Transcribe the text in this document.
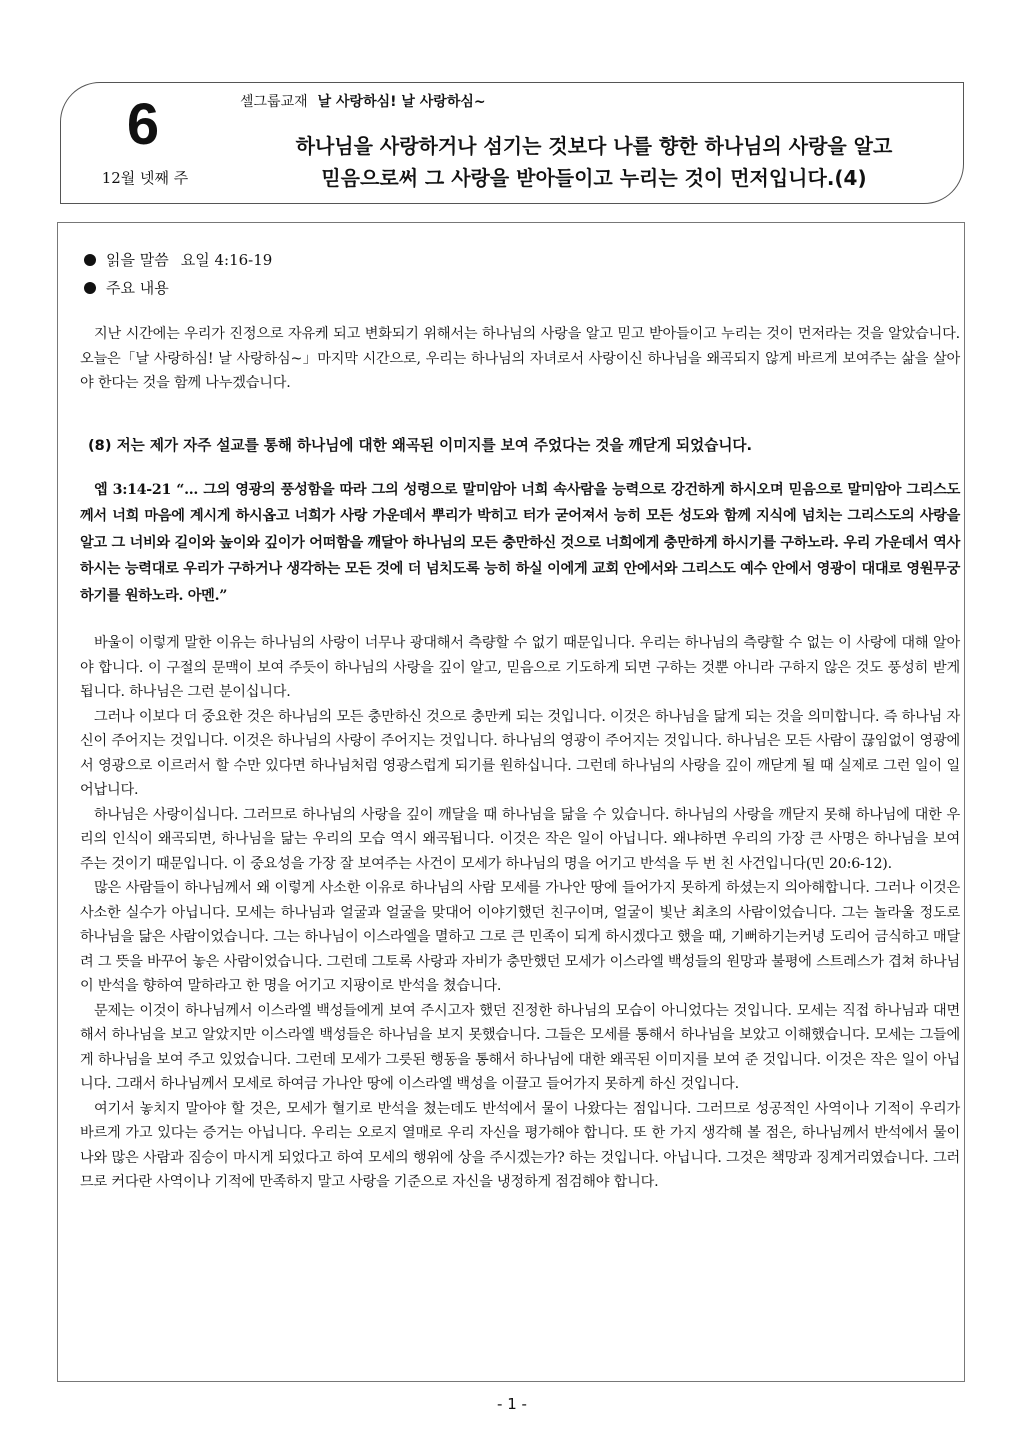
6
12월 넷째 주
셀그룹교재 날 사랑하심! 날 사랑하심~
하나님을 사랑하거나 섬기는 것보다 나를 향한 하나님의 사랑을 알고
믿음으로써 그 사랑을 받아들이고 누리는 것이 먼저입니다.(4)
읽을 말씀 요일 4:16-19
주요 내용

지난 시간에는 우리가 진정으로 자유케 되고 변화되기 위해서는 하나님의 사랑을 알고 믿고 받아들이고 누리는 것이 먼저라는 것을 알았습니다. 오늘은「날 사랑하심! 날 사랑하심~」마지막 시간으로, 우리는 하나님의 자녀로서 사랑이신 하나님을 왜곡되지 않게 바르게 보여주는 삶을 살아야 한다는 것을 함께 나누겠습니다.

(8) 저는 제가 자주 설교를 통해 하나님에 대한 왜곡된 이미지를 보여 주었다는 것을 깨닫게 되었습니다.

엡 3:14-21 “… 그의 영광의 풍성함을 따라 그의 성령으로 말미암아 너희 속사람을 능력으로 강건하게 하시오며 믿음으로 말미암아 그리스도께서 너희 마음에 계시게 하시옵고 너희가 사랑 가운데서 뿌리가 박히고 터가 굳어져서 능히 모든 성도와 함께 지식에 넘치는 그리스도의 사랑을 알고 그 너비와 길이와 높이와 깊이가 어떠함을 깨달아 하나님의 모든 충만하신 것으로 너희에게 충만하게 하시기를 구하노라. 우리 가운데서 역사하시는 능력대로 우리가 구하거나 생각하는 모든 것에 더 넘치도록 능히 하실 이에게 교회 안에서와 그리스도 예수 안에서 영광이 대대로 영원무궁하기를 원하노라. 아멘.”

바울이 이렇게 말한 이유는 하나님의 사랑이 너무나 광대해서 측량할 수 없기 때문입니다. 우리는 하나님의 측량할 수 없는 이 사랑에 대해 알아야 합니다. 이 구절의 문맥이 보여 주듯이 하나님의 사랑을 깊이 알고, 믿음으로 기도하게 되면 구하는 것뿐 아니라 구하지 않은 것도 풍성히 받게 됩니다. 하나님은 그런 분이십니다.

그러나 이보다 더 중요한 것은 하나님의 모든 충만하신 것으로 충만케 되는 것입니다. 이것은 하나님을 닮게 되는 것을 의미합니다. 즉 하나님 자신이 주어지는 것입니다. 이것은 하나님의 사랑이 주어지는 것입니다. 하나님의 영광이 주어지는 것입니다. 하나님은 모든 사람이 끊임없이 영광에서 영광으로 이르러서 할 수만 있다면 하나님처럼 영광스럽게 되기를 원하십니다. 그런데 하나님의 사랑을 깊이 깨닫게 될 때 실제로 그런 일이 일어납니다.

하나님은 사랑이십니다. 그러므로 하나님의 사랑을 깊이 깨달을 때 하나님을 닮을 수 있습니다. 하나님의 사랑을 깨닫지 못해 하나님에 대한 우리의 인식이 왜곡되면, 하나님을 닮는 우리의 모습 역시 왜곡됩니다. 이것은 작은 일이 아닙니다. 왜냐하면 우리의 가장 큰 사명은 하나님을 보여 주는 것이기 때문입니다. 이 중요성을 가장 잘 보여주는 사건이 모세가 하나님의 명을 어기고 반석을 두 번 친 사건입니다(민 20:6-12).

많은 사람들이 하나님께서 왜 이렇게 사소한 이유로 하나님의 사람 모세를 가나안 땅에 들어가지 못하게 하셨는지 의아해합니다. 그러나 이것은 사소한 실수가 아닙니다. 모세는 하나님과 얼굴과 얼굴을 맞대어 이야기했던 친구이며, 얼굴이 빛난 최초의 사람이었습니다. 그는 놀라울 정도로 하나님을 닮은 사람이었습니다. 그는 하나님이 이스라엘을 멸하고 그로 큰 민족이 되게 하시겠다고 했을 때, 기뻐하기는커녕 도리어 금식하고 매달려 그 뜻을 바꾸어 놓은 사람이었습니다. 그런데 그토록 사랑과 자비가 충만했던 모세가 이스라엘 백성들의 원망과 불평에 스트레스가 겹쳐 하나님이 반석을 향하여 말하라고 한 명을 어기고 지팡이로 반석을 쳤습니다.

문제는 이것이 하나님께서 이스라엘 백성들에게 보여 주시고자 했던 진정한 하나님의 모습이 아니었다는 것입니다. 모세는 직접 하나님과 대면해서 하나님을 보고 알았지만 이스라엘 백성들은 하나님을 보지 못했습니다. 그들은 모세를 통해서 하나님을 보았고 이해했습니다. 모세는 그들에게 하나님을 보여 주고 있었습니다. 그런데 모세가 그릇된 행동을 통해서 하나님에 대한 왜곡된 이미지를 보여 준 것입니다. 이것은 작은 일이 아닙니다. 그래서 하나님께서 모세로 하여금 가나안 땅에 이스라엘 백성을 이끌고 들어가지 못하게 하신 것입니다.

여기서 놓치지 말아야 할 것은, 모세가 혈기로 반석을 쳤는데도 반석에서 물이 나왔다는 점입니다. 그러므로 성공적인 사역이나 기적이 우리가 바르게 가고 있다는 증거는 아닙니다. 우리는 오로지 열매로 우리 자신을 평가해야 합니다. 또 한 가지 생각해 볼 점은, 하나님께서 반석에서 물이 나와 많은 사람과 짐승이 마시게 되었다고 하여 모세의 행위에 상을 주시겠는가? 하는 것입니다. 아닙니다. 그것은 책망과 징계거리였습니다. 그러므로 커다란 사역이나 기적에 만족하지 말고 사랑을 기준으로 자신을 냉정하게 점검해야 합니다.

- 1 -
